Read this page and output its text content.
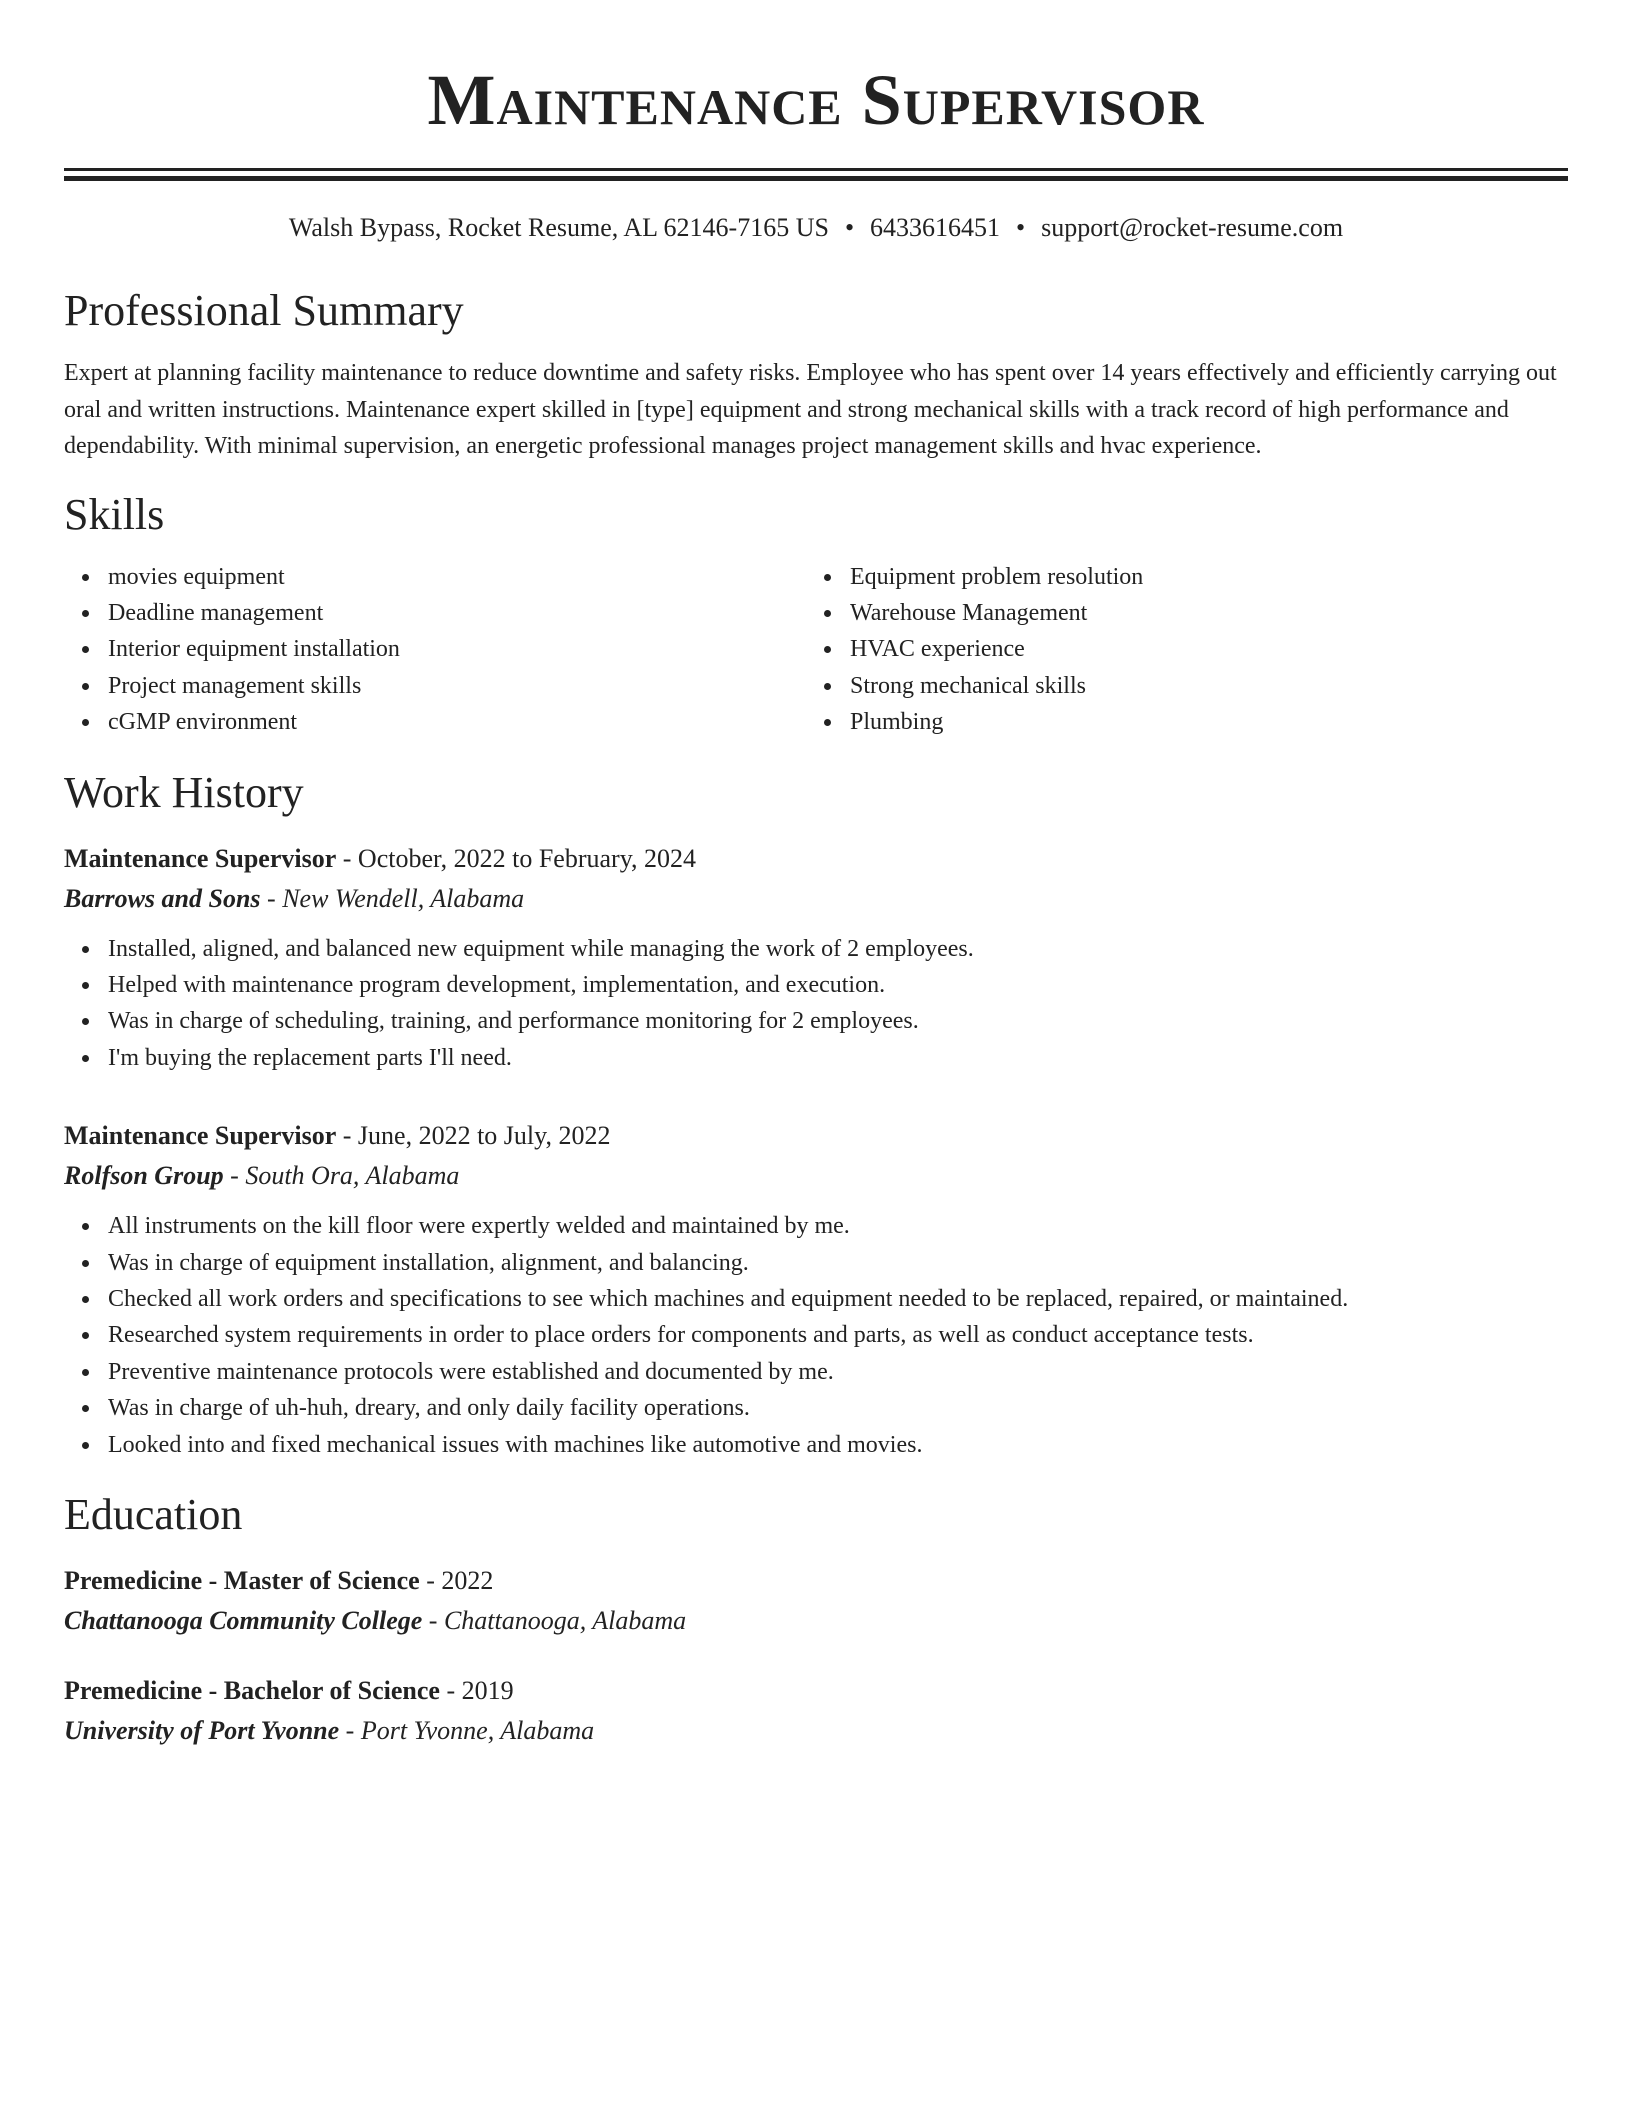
Maintenance Supervisor
Walsh Bypass, Rocket Resume, AL 62146-7165 US • 6433616451 • support@rocket-resume.com
Professional Summary
Expert at planning facility maintenance to reduce downtime and safety risks. Employee who has spent over 14 years effectively and efficiently carrying out oral and written instructions. Maintenance expert skilled in [type] equipment and strong mechanical skills with a track record of high performance and dependability. With minimal supervision, an energetic professional manages project management skills and hvac experience.
Skills
movies equipment
Deadline management
Interior equipment installation
Project management skills
cGMP environment
Equipment problem resolution
Warehouse Management
HVAC experience
Strong mechanical skills
Plumbing
Work History
Maintenance Supervisor - October, 2022 to February, 2024
Barrows and Sons - New Wendell, Alabama
Installed, aligned, and balanced new equipment while managing the work of 2 employees.
Helped with maintenance program development, implementation, and execution.
Was in charge of scheduling, training, and performance monitoring for 2 employees.
I'm buying the replacement parts I'll need.
Maintenance Supervisor - June, 2022 to July, 2022
Rolfson Group - South Ora, Alabama
All instruments on the kill floor were expertly welded and maintained by me.
Was in charge of equipment installation, alignment, and balancing.
Checked all work orders and specifications to see which machines and equipment needed to be replaced, repaired, or maintained.
Researched system requirements in order to place orders for components and parts, as well as conduct acceptance tests.
Preventive maintenance protocols were established and documented by me.
Was in charge of uh-huh, dreary, and only daily facility operations.
Looked into and fixed mechanical issues with machines like automotive and movies.
Education
Premedicine - Master of Science - 2022
Chattanooga Community College - Chattanooga, Alabama
Premedicine - Bachelor of Science - 2019
University of Port Yvonne - Port Yvonne, Alabama
